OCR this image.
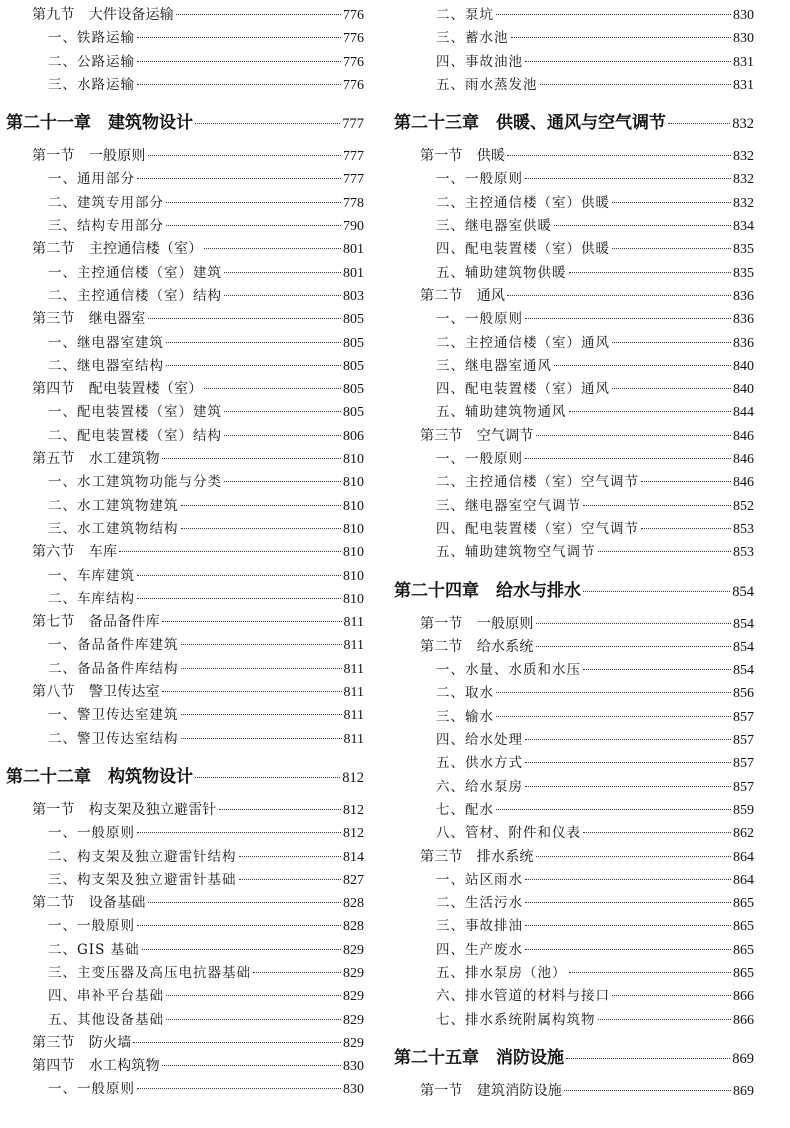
第九节　大件设备运输	776
一、铁路运输	776
二、公路运输	776
三、水路运输	776
第二十一章　建筑物设计	777
第一节　一般原则	777
一、通用部分	777
二、建筑专用部分	778
三、结构专用部分	790
第二节　主控通信楼（室）	801
一、主控通信楼（室）建筑	801
二、主控通信楼（室）结构	803
第三节　继电器室	805
一、继电器室建筑	805
二、继电器室结构	805
第四节　配电装置楼（室）	805
一、配电装置楼（室）建筑	805
二、配电装置楼（室）结构	806
第五节　水工建筑物	810
一、水工建筑物功能与分类	810
二、水工建筑物建筑	810
三、水工建筑物结构	810
第六节　车库	810
一、车库建筑	810
二、车库结构	810
第七节　备品备件库	811
一、备品备件库建筑	811
二、备品备件库结构	811
第八节　警卫传达室	811
一、警卫传达室建筑	811
二、警卫传达室结构	811
第二十二章　构筑物设计	812
第一节　构支架及独立避雷针	812
一、一般原则	812
二、构支架及独立避雷针结构	814
三、构支架及独立避雷针基础	827
第二节　设备基础	828
一、一般原则	828
二、GIS 基础	829
三、主变压器及高压电抗器基础	829
四、串补平台基础	829
五、其他设备基础	829
第三节　防火墙	829
第四节　水工构筑物	830
一、一般原则	830
二、泵坑	830
三、蓄水池	830
四、事故油池	831
五、雨水蒸发池	831
第二十三章　供暖、通风与空气调节	832
第一节　供暖	832
一、一般原则	832
二、主控通信楼（室）供暖	832
三、继电器室供暖	834
四、配电装置楼（室）供暖	835
五、辅助建筑物供暖	835
第二节　通风	836
一、一般原则	836
二、主控通信楼（室）通风	836
三、继电器室通风	840
四、配电装置楼（室）通风	840
五、辅助建筑物通风	844
第三节　空气调节	846
一、一般原则	846
二、主控通信楼（室）空气调节	846
三、继电器室空气调节	852
四、配电装置楼（室）空气调节	853
五、辅助建筑物空气调节	853
第二十四章　给水与排水	854
第一节　一般原则	854
第二节　给水系统	854
一、水量、水质和水压	854
二、取水	856
三、输水	857
四、给水处理	857
五、供水方式	857
六、给水泵房	857
七、配水	859
八、管材、附件和仪表	862
第三节　排水系统	864
一、站区雨水	864
二、生活污水	865
三、事故排油	865
四、生产废水	865
五、排水泵房（池）	865
六、排水管道的材料与接口	866
七、排水系统附属构筑物	866
第二十五章　消防设施	869
第一节　建筑消防设施	869
